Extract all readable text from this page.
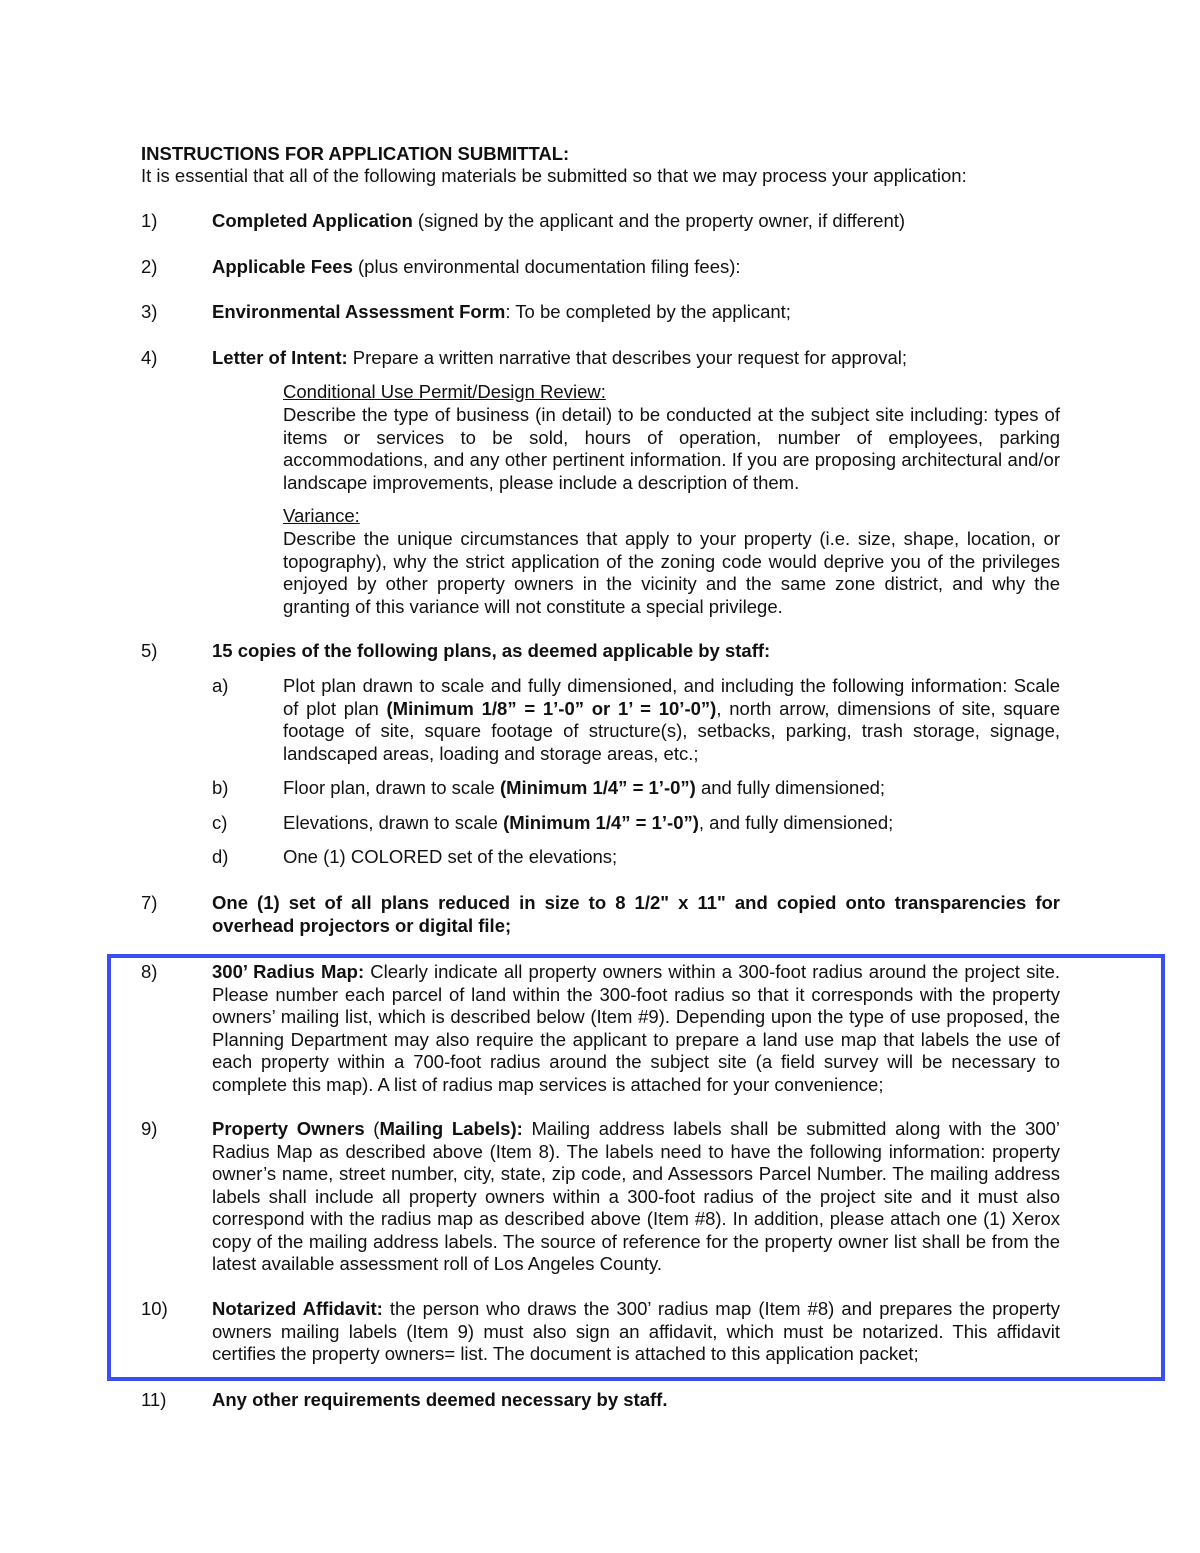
INSTRUCTIONS FOR APPLICATION SUBMITTAL:
It is essential that all of the following materials be submitted so that we may process your application:
1)	Completed Application (signed by the applicant and the property owner, if different)
2)	Applicable Fees (plus environmental documentation filing fees):
3)	Environmental Assessment Form: To be completed by the applicant;
4)	Letter of Intent: Prepare a written narrative that describes your request for approval;
Conditional Use Permit/Design Review:
Describe the type of business (in detail) to be conducted at the subject site including: types of items or services to be sold, hours of operation, number of employees, parking accommodations, and any other pertinent information. If you are proposing architectural and/or landscape improvements, please include a description of them.
Variance:
Describe the unique circumstances that apply to your property (i.e. size, shape, location, or topography), why the strict application of the zoning code would deprive you of the privileges enjoyed by other property owners in the vicinity and the same zone district, and why the granting of this variance will not constitute a special privilege.
5)	15 copies of the following plans, as deemed applicable by staff:
a)	Plot plan drawn to scale and fully dimensioned, and including the following information: Scale of plot plan (Minimum 1/8” = 1’-0” or 1’ = 10’-0”), north arrow, dimensions of site, square footage of site, square footage of structure(s), setbacks, parking, trash storage, signage, landscaped areas, loading and storage areas, etc.;
b)	Floor plan, drawn to scale (Minimum 1/4” = 1’-0”) and fully dimensioned;
c)	Elevations, drawn to scale (Minimum 1/4” = 1’-0”), and fully dimensioned;
d)	One (1) COLORED set of the elevations;
7)	One (1) set of all plans reduced in size to 8 1/2" x 11" and copied onto transparencies for overhead projectors or digital file;
8)	300’ Radius Map: Clearly indicate all property owners within a 300-foot radius around the project site. Please number each parcel of land within the 300-foot radius so that it corresponds with the property owners’ mailing list, which is described below (Item #9). Depending upon the type of use proposed, the Planning Department may also require the applicant to prepare a land use map that labels the use of each property within a 700-foot radius around the subject site (a field survey will be necessary to complete this map). A list of radius map services is attached for your convenience;
9)	Property Owners (Mailing Labels): Mailing address labels shall be submitted along with the 300’ Radius Map as described above (Item 8). The labels need to have the following information: property owner’s name, street number, city, state, zip code, and Assessors Parcel Number. The mailing address labels shall include all property owners within a 300-foot radius of the project site and it must also correspond with the radius map as described above (Item #8). In addition, please attach one (1) Xerox copy of the mailing address labels. The source of reference for the property owner list shall be from the latest available assessment roll of Los Angeles County.
10) Notarized Affidavit: the person who draws the 300’ radius map (Item #8) and prepares the property owners mailing labels (Item 9) must also sign an affidavit, which must be notarized. This affidavit certifies the property owners= list. The document is attached to this application packet;
11) Any other requirements deemed necessary by staff.
